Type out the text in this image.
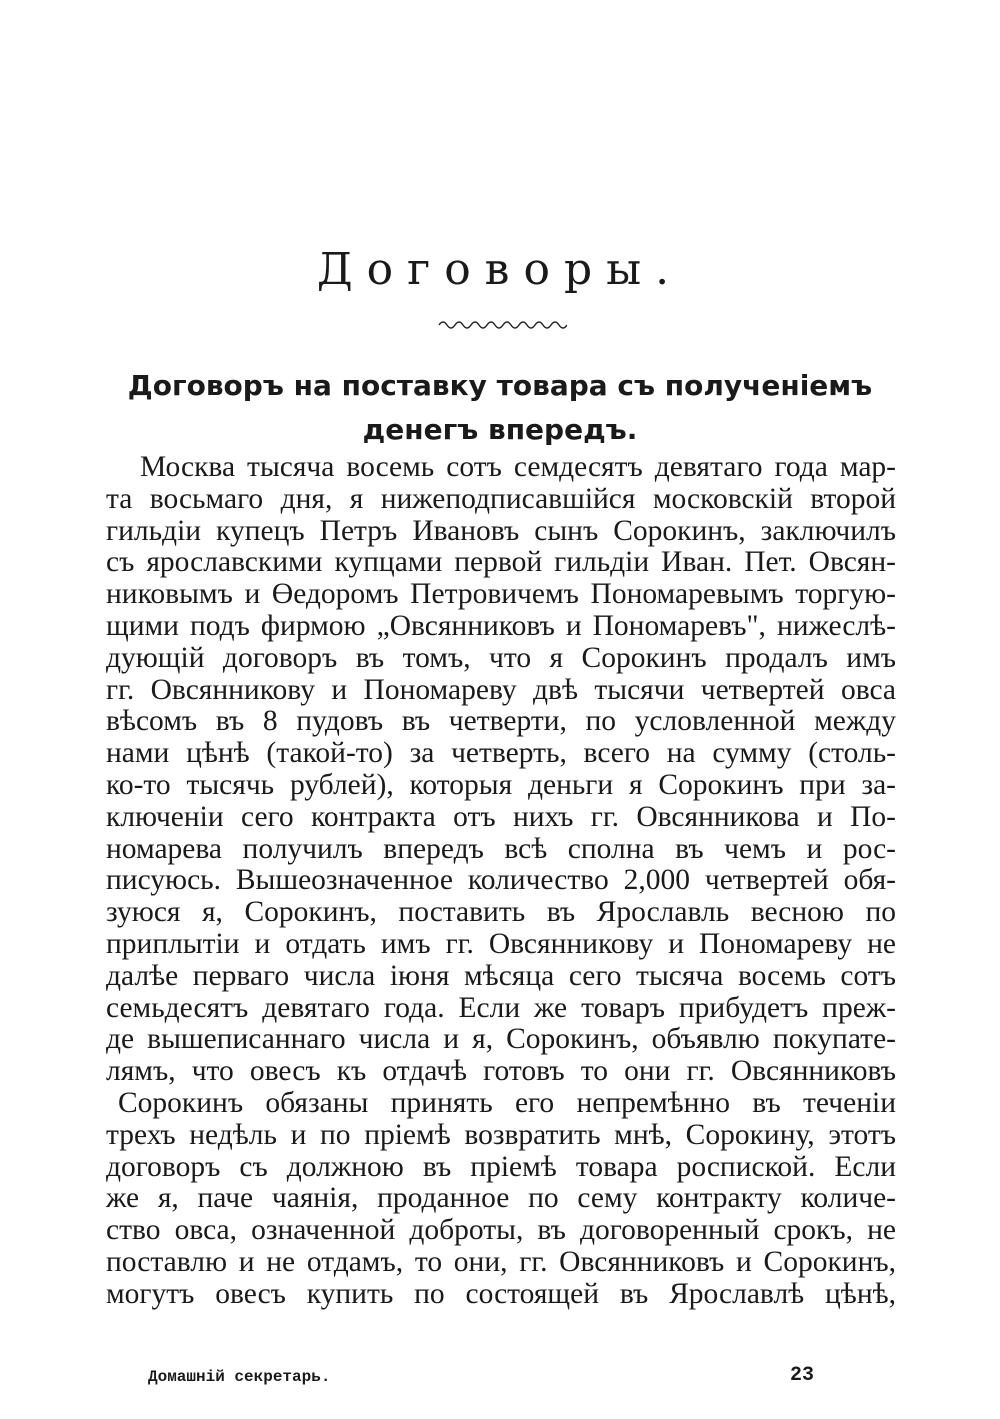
Договоры.
Договоръ на поставку товара съ полученіемъ денегъ впередъ.
Москва тысяча восемь сотъ семдесятъ девятаго года мар-
та восьмаго дня, я нижеподписавшійся московскій второй
гильдіи купецъ Петръ Ивановъ сынъ Сорокинъ, заключилъ
съ ярославскими купцами первой гильдіи Иван. Пет. Овсян-
никовымъ и Өедоромъ Петровичемъ Пономаревымъ торгую-
щими подъ фирмою „Овсянниковъ и Пономаревъ", нижеслѣ-
дующій договоръ въ томъ, что я Сорокинъ продалъ имъ
гг. Овсянникову и Пономареву двѣ тысячи четвертей овса
вѣсомъ въ 8 пудовъ въ четверти, по условленной между
нами цѣнѣ (такой-то) за четверть, всего на сумму (столь-
ко-то тысячь рублей), которыя деньги я Сорокинъ при за-
ключеніи сего контракта отъ нихъ гг. Овсянникова и По-
номарева получилъ впередъ всѣ сполна въ чемъ и рос-
писуюсь. Вышеозначенное количество 2,000 четвертей обя-
зуюся я, Сорокинъ, поставить въ Ярославль весною по
приплытіи и отдать имъ гг. Овсянникову и Пономареву не
далѣе перваго числа іюня мѣсяца сего тысяча восемь сотъ
семьдесятъ девятаго года. Если же товаръ прибудетъ преж-
де вышеписаннаго числа и я, Сорокинъ, объявлю покупате-
лямъ, что овесъ къ отдачѣ готовъ то они гг. Овсянниковъ
Сорокинъ обязаны принять его непремѣнно въ теченіи
трехъ недѣль и по пріемѣ возвратить мнѣ, Сорокину, этотъ
договоръ съ должною въ пріемѣ товара роспиской. Если
же я, паче чаянія, проданное по сему контракту количе-
ство овса, означенной доброты, въ договоренный срокъ, не
поставлю и не отдамъ, то они, гг. Овсянниковъ и Сорокинъ,
могутъ овесъ купить по состоящей въ Ярославлѣ цѣнѣ,
Домашній секретарь.	23
